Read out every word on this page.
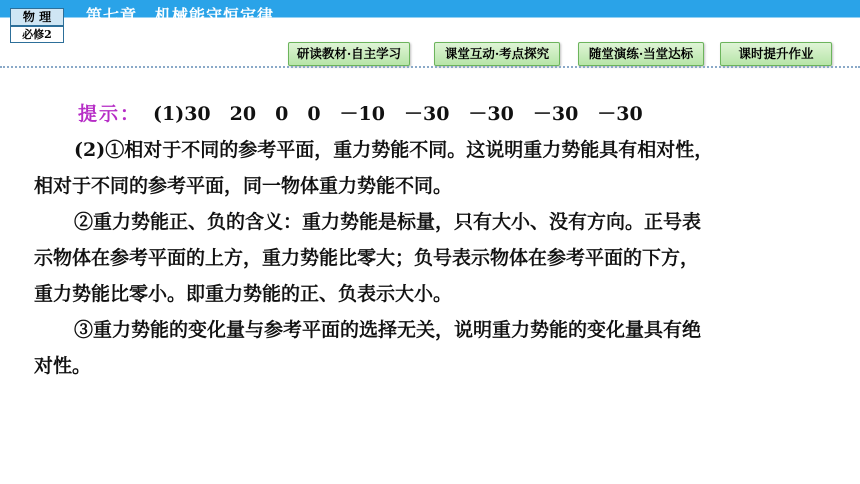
物 理
必修2
第七章 机械能守恒定律
研读教材·自主学习	课堂互动·考点探究	随堂演练·当堂达标	课时提升作业
提示： (1)30　20　0　0　－10　－30　－30　－30　－30
(2)①相对于不同的参考平面，重力势能不同。这说明重力势能具有相对性，
相对于不同的参考平面，同一物体重力势能不同。
②重力势能正、负的含义：重力势能是标量，只有大小、没有方向。正号表
示物体在参考平面的上方，重力势能比零大；负号表示物体在参考平面的下方，
重力势能比零小。即重力势能的正、负表示大小。
③重力势能的变化量与参考平面的选择无关，说明重力势能的变化量具有绝
对性。
